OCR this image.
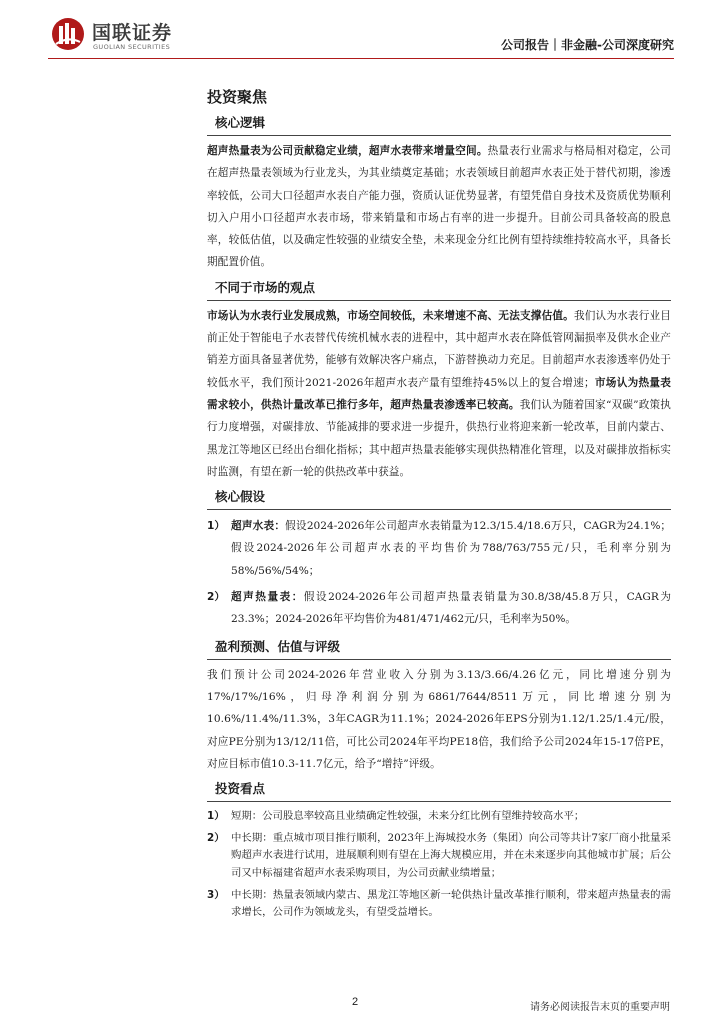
国联证券
GUOLIAN SECURITIES	公司报告｜非金融-公司深度研究
投资聚焦
核心逻辑

超声热量表为公司贡献稳定业绩，超声水表带来增量空间。热量表行业需求与格局相对稳定，公司在超声热量表领域为行业龙头，为其业绩奠定基础；水表领域目前超声水表正处于替代初期，渗透率较低，公司大口径超声水表自产能力强，资质认证优势显著，有望凭借自身技术及资质优势顺利切入户用小口径超声水表市场，带来销量和市场占有率的进一步提升。目前公司具备较高的股息率，较低估值，以及确定性较强的业绩安全垫，未来现金分红比例有望持续维持较高水平，具备长期配置价值。

不同于市场的观点

市场认为水表行业发展成熟，市场空间较低，未来增速不高、无法支撑估值。我们认为水表行业目前正处于智能电子水表替代传统机械水表的进程中，其中超声水表在降低管网漏损率及供水企业产销差方面具备显著优势，能够有效解决客户痛点，下游替换动力充足。目前超声水表渗透率仍处于较低水平，我们预计2021-2026年超声水表产量有望维持45%以上的复合增速；市场认为热量表需求较小，供热计量改革已推行多年，超声热量表渗透率已较高。我们认为随着国家“双碳”政策执行力度增强，对碳排放、节能减排的要求进一步提升，供热行业将迎来新一轮改革，目前内蒙古、黑龙江等地区已经出台细化指标；其中超声热量表能够实现供热精准化管理，以及对碳排放指标实时监测，有望在新一轮的供热改革中获益。

核心假设
1） 超声水表：假设2024-2026年公司超声水表销量为12.3/15.4/18.6万只，CAGR为24.1%；假设2024-2026年公司超声水表的平均售价为788/763/755元/只，毛利率分别为58%/56%/54%；
2） 超声热量表：假设2024-2026年公司超声热量表销量为30.8/38/45.8万只，CAGR为23.3%；2024-2026年平均售价为481/471/462元/只，毛利率为50%。
盈利预测、估值与评级

我们预计公司2024-2026年营业收入分别为3.13/3.66/4.26亿元，同比增速分别为17%/17%/16%，归母净利润分别为6861/7644/8511万元，同比增速分别为10.6%/11.4%/11.3%，3年CAGR为11.1%；2024-2026年EPS分别为1.12/1.25/1.4元/股，对应PE分别为13/12/11倍，可比公司2024年平均PE18倍，我们给予公司2024年15-17倍PE，对应目标市值10.3-11.7亿元，给予“增持”评级。

投资看点
1） 短期：公司股息率较高且业绩确定性较强，未来分红比例有望维持较高水平；
2） 中长期：重点城市项目推行顺利，2023年上海城投水务（集团）向公司等共计7家厂商小批量采购超声水表进行试用，进展顺利则有望在上海大规模应用，并在未来逐步向其他城市扩展；后公司又中标福建省超声水表采购项目，为公司贡献业绩增量；
3） 中长期：热量表领域内蒙古、黑龙江等地区新一轮供热计量改革推行顺利，带来超声热量表的需求增长，公司作为领域龙头，有望受益增长。
2	请务必阅读报告末页的重要声明
